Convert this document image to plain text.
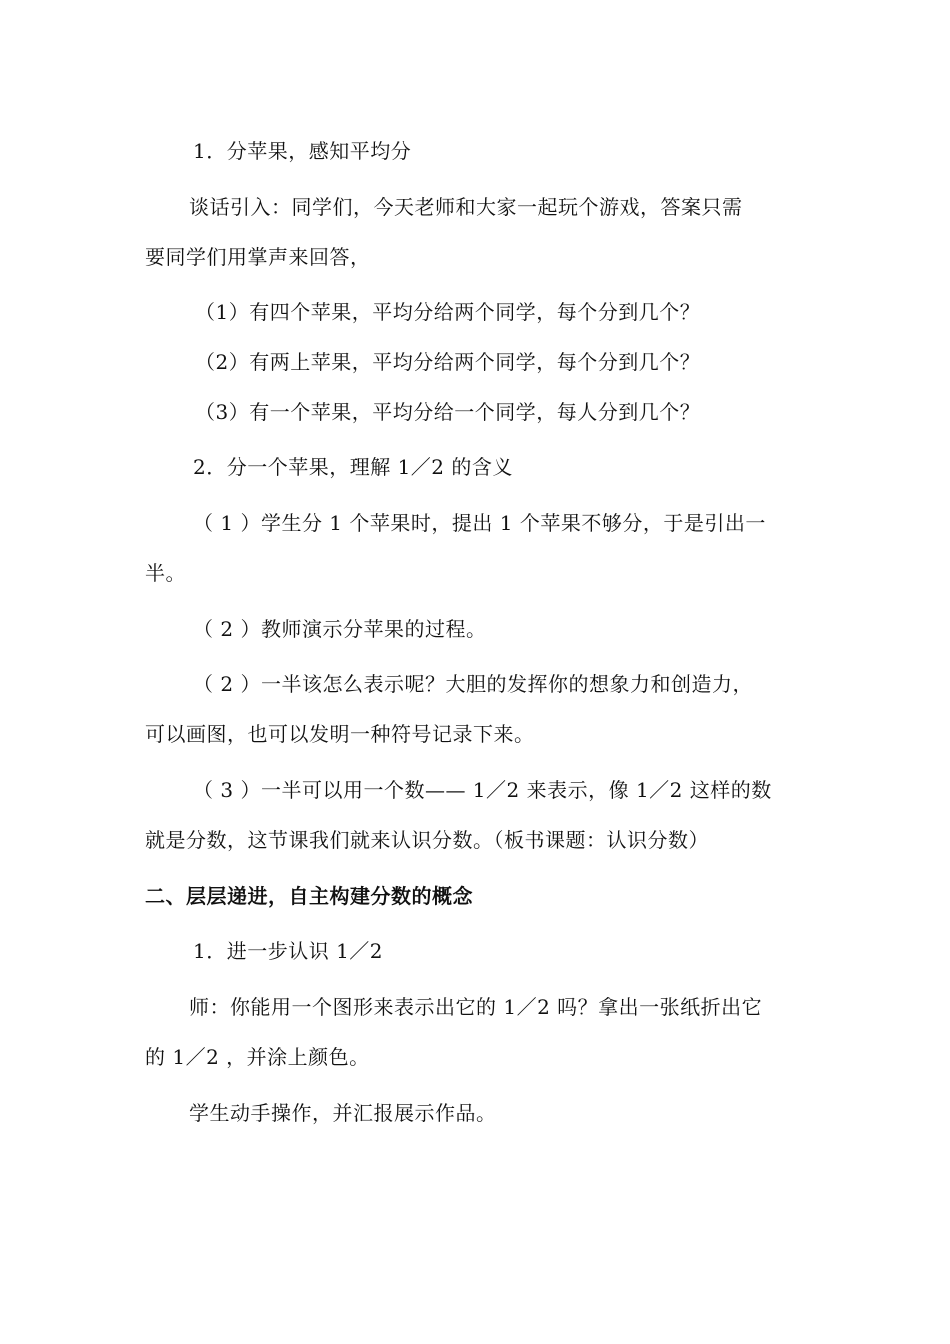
1．分苹果，感知平均分
谈话引入：同学们，今天老师和大家一起玩个游戏，答案只需
要同学们用掌声来回答，
（1）有四个苹果，平均分给两个同学，每个分到几个？
（2）有两上苹果，平均分给两个同学，每个分到几个？
（3）有一个苹果，平均分给一个同学，每人分到几个？
2．分一个苹果，理解 1／2 的含义
（ 1 ）学生分 1 个苹果时，提出 1 个苹果不够分，于是引出一
半。
（ 2 ）教师演示分苹果的过程。
（ 2 ）一半该怎么表示呢？大胆的发挥你的想象力和创造力，
可以画图，也可以发明一种符号记录下来。
（ 3 ）一半可以用一个数—— 1／2 来表示，像 1／2 这样的数
就是分数，这节课我们就来认识分数。（板书课题：认识分数）
二、层层递进，自主构建分数的概念
1．进一步认识 1／2
师：你能用一个图形来表示出它的 1／2 吗？拿出一张纸折出它
的 1／2 ，并涂上颜色。
学生动手操作，并汇报展示作品。
